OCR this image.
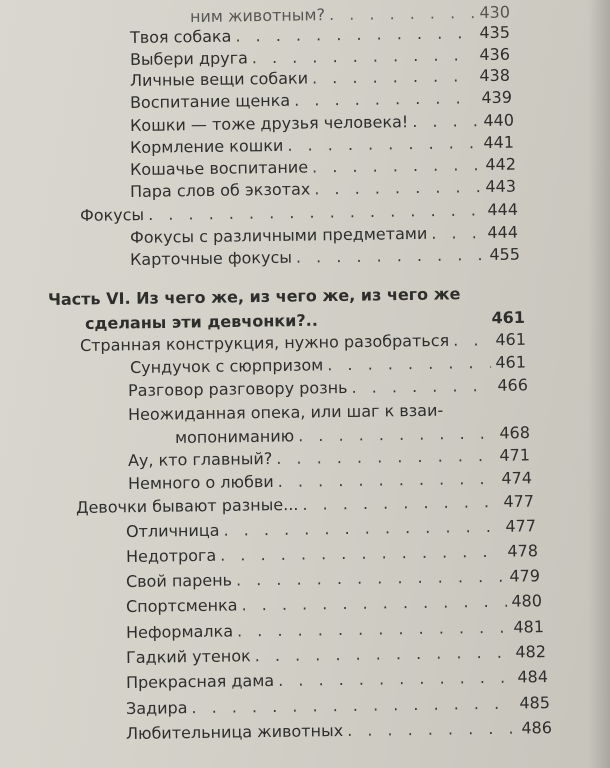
ним животным? . . .	430
Твоя собака . . .	435
Выбери друга . . .	436
Личные вещи собаки . . .	438
Воспитание щенка . . .	439
Кошки — тоже друзья человека! . . .	440
Кормление кошки . . .	441
Кошачье воспитание . . .	442
Пара слов об экзотах . . .	443
Фокусы . . .	444
Фокусы с различными предметами . . .	444
Карточные фокусы . . .	455
Часть VI. Из чего же, из чего же, из чего же
сделаны эти девчонки?..	461
Странная конструкция, нужно разобраться . . .	461
Сундучок с сюрпризом . . .	461
Разговор разговору рознь . . .	466
Неожиданная опека, или шаг к взаи-
мопониманию . . .	468
Ау, кто главный? . . .	471
Немного о любви . . .	474
Девочки бывают разные... . . .	477
Отличница . . .	477
Недотрога . . .	478
Свой парень . . .	479
Спортсменка . . .	480
Неформалка . . .	481
Гадкий утенок . . .	482
Прекрасная дама . . .	484
Задира . . .	485
Любительница животных . . .	486
